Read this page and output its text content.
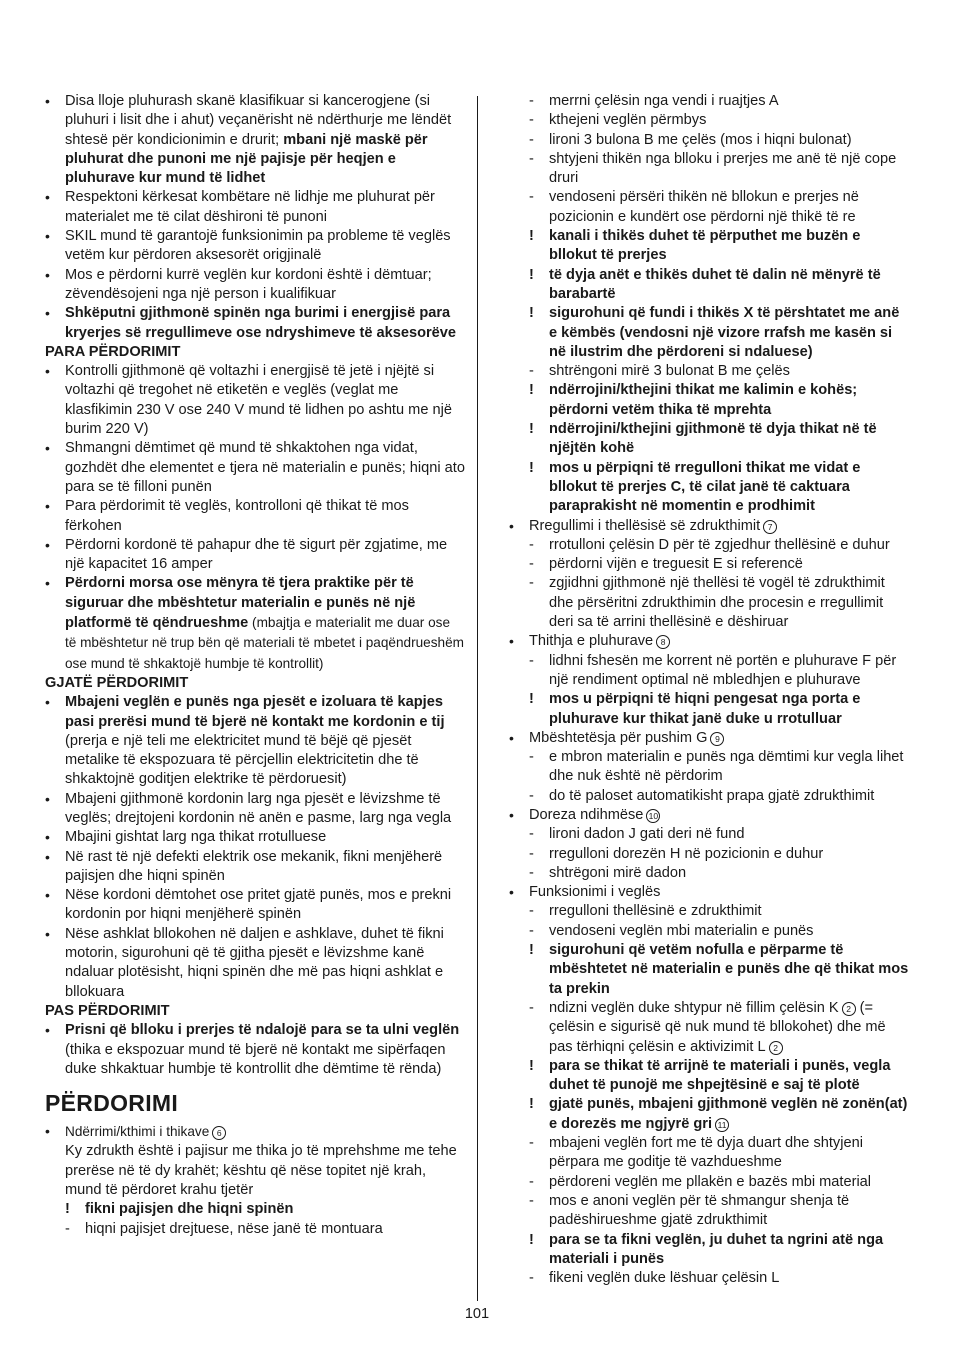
•	Disa lloje pluhurash skanë klasifikuar si kancerogjene (si pluhuri i lisit dhe i ahut) veçanërisht në ndërthurje me lëndët shtesë për kondicionimin e drurit; mbani një maskë për pluhurat dhe punoni me një pajisje për heqjen e pluhurave kur mund të lidhet
•	Respektoni kërkesat kombëtare në lidhje me pluhurat për materialet me të cilat dëshironi të punoni
•	SKIL mund të garantojë funksionimin pa probleme të veglës vetëm kur përdoren aksesorët origjinalë
•	Mos e përdorni kurrë veglën kur kordoni është i dëmtuar; zëvendësojeni nga një person i kualifikuar
•	Shkëputni gjithmonë spinën nga burimi i energjisë para kryerjes së rregullimeve ose ndryshimeve të aksesorëve
PARA PËRDORIMIT
•	Kontrolli gjithmonë që voltazhi i energjisë të jetë i njëjtë si voltazhi që tregohet në etiketën e veglës (veglat me klasfikimin 230 V ose 240 V mund të lidhen po ashtu me një burim 220 V)
•	Shmangni dëmtimet që mund të shkaktohen nga vidat, gozhdët dhe elementet e tjera në materialin e punës; hiqni ato para se të filloni punën
•	Para përdorimit të veglës, kontrolloni që thikat të mos fërkohen
•	Përdorni kordonë të pahapur dhe të sigurt për zgjatime, me një kapacitet 16 amper
•	Përdorni morsa ose mënyra të tjera praktike për të siguruar dhe mbështetur materialin e punës në një platformë të qëndrueshme (mbajtja e materialit me duar ose të mbështetur në trup bën që materiali të mbetet i paqëndrueshëm ose mund të shkaktojë humbje të kontrollit)
GJATË PËRDORIMIT
•	Mbajeni veglën e punës nga pjesët e izoluara të kapjes pasi prerësi mund të bjerë në kontakt me kordonin e tij (prerja e një teli me elektricitet mund të bëjë që pjesët metalike të ekspozuara të përcjellin elektricitetin dhe të shkaktojnë goditjen elektrike të përdoruesit)
•	Mbajeni gjithmonë kordonin larg nga pjesët e lëvizshme të veglës; drejtojeni kordonin në anën e pasme, larg nga vegla
•	Mbajini gishtat larg nga thikat rrotulluese
•	Në rast të një defekti elektrik ose mekanik, fikni menjëherë pajisjen dhe hiqni spinën
•	Nëse kordoni dëmtohet ose pritet gjatë punës, mos e prekni kordonin por hiqni menjëherë spinën
•	Nëse ashklat bllokohen në daljen e ashklave, duhet të fikni motorin, sigurohuni që të gjitha pjesët e lëvizshme kanë ndaluar plotësisht, hiqni spinën dhe më pas hiqni ashklat e bllokuara
PAS PËRDORIMIT
•	Prisni që blloku i prerjes të ndalojë para se ta ulni veglën (thika e ekspozuar mund të bjerë në kontakt me sipërfaqen duke shkaktuar humbje të kontrollit dhe dëmtime të rënda)
PËRDORIMI
•	Ndërrimi/kthimi i thikave 6
Ky zdrukth është i pajisur me thika jo të mprehshme me tehe prerëse në të dy krahët; kështu që nëse topitet një krah, mund të përdoret krahu tjetër
!	fikni pajisjen dhe hiqni spinën
-	hiqni pajisjet drejtuese, nëse janë të montuara
-	merrni çelësin nga vendi i ruajtjes A
-	kthejeni veglën përmbys
-	lironi 3 bulona B me çelës (mos i hiqni bulonat)
-	shtyjeni thikën nga blloku i prerjes me anë të një cope druri
-	vendoseni përsëri thikën në bllokun e prerjes në pozicionin e kundërt ose përdorni një thikë të re
!	kanali i thikës duhet të përputhet me buzën e bllokut të prerjes
!	të dyja anët e thikës duhet të dalin në mënyrë të barabartë
!	sigurohuni që fundi i thikës X të përshtatet me anë e këmbës (vendosni një vizore rrafsh me kasën si në ilustrim dhe përdoreni si ndaluese)
-	shtrëngoni mirë 3 bulonat B me çelës
!	ndërrojini/kthejini thikat me kalimin e kohës; përdorni vetëm thika të mprehta
!	ndërrojini/kthejini gjithmonë të dyja thikat në të njëjtën kohë
!	mos u përpiqni të rregulloni thikat me vidat e bllokut të prerjes C, të cilat janë të caktuara paraprakisht në momentin e prodhimit
•	Rregullimi i thellësisë së zdrukthimit 7
-	rrotulloni çelësin D për të zgjedhur thellësinë e duhur
-	përdorni vijën e treguesit E si referencë
-	zgjidhni gjithmonë një thellësi të vogël të zdrukthimit dhe përsëritni zdrukthimin dhe procesin e rregullimit deri sa të arrini thellësinë e dëshiruar
•	Thithja e pluhurave 8
-	lidhni fshesën me korrent në portën e pluhurave F për një rendiment optimal në mbledhjen e pluhurave
!	mos u përpiqni të hiqni pengesat nga porta e pluhurave kur thikat janë duke u rrotulluar
•	Mbështetësja për pushim G 9
-	e mbron materialin e punës nga dëmtimi kur vegla lihet dhe nuk është në përdorim
-	do të paloset automatikisht prapa gjatë zdrukthimit
•	Doreza ndihmëse 10
-	lironi dadon J gati deri në fund
-	rregulloni dorezën H në pozicionin e duhur
-	shtrëgoni mirë dadon
•	Funksionimi i veglës
-	rregulloni thellësinë e zdrukthimit
-	vendoseni veglën mbi materialin e punës
!	sigurohuni që vetëm nofulla e përparme të mbështetet në materialin e punës dhe që thikat mos ta prekin
-	ndizni veglën duke shtypur në fillim çelësin K 2 (= çelësin e sigurisë që nuk mund të bllokohet) dhe më pas tërhiqni çelësin e aktivizimit L 2
!	para se thikat të arrijnë te materiali i punës, vegla duhet të punojë me shpejtësinë e saj të plotë
!	gjatë punës, mbajeni gjithmonë veglën në zonën(at) e dorezës me ngjyrë gri 11
-	mbajeni veglën fort me të dyja duart dhe shtyjeni përpara me goditje të vazhdueshme
-	përdoreni veglën me pllakën e bazës mbi material
-	mos e anoni veglën për të shmangur shenja të padëshirueshme gjatë zdrukthimit
!	para se ta fikni veglën, ju duhet ta ngrini atë nga materiali i punës
-	fikeni veglën duke lëshuar çelësin L
101
